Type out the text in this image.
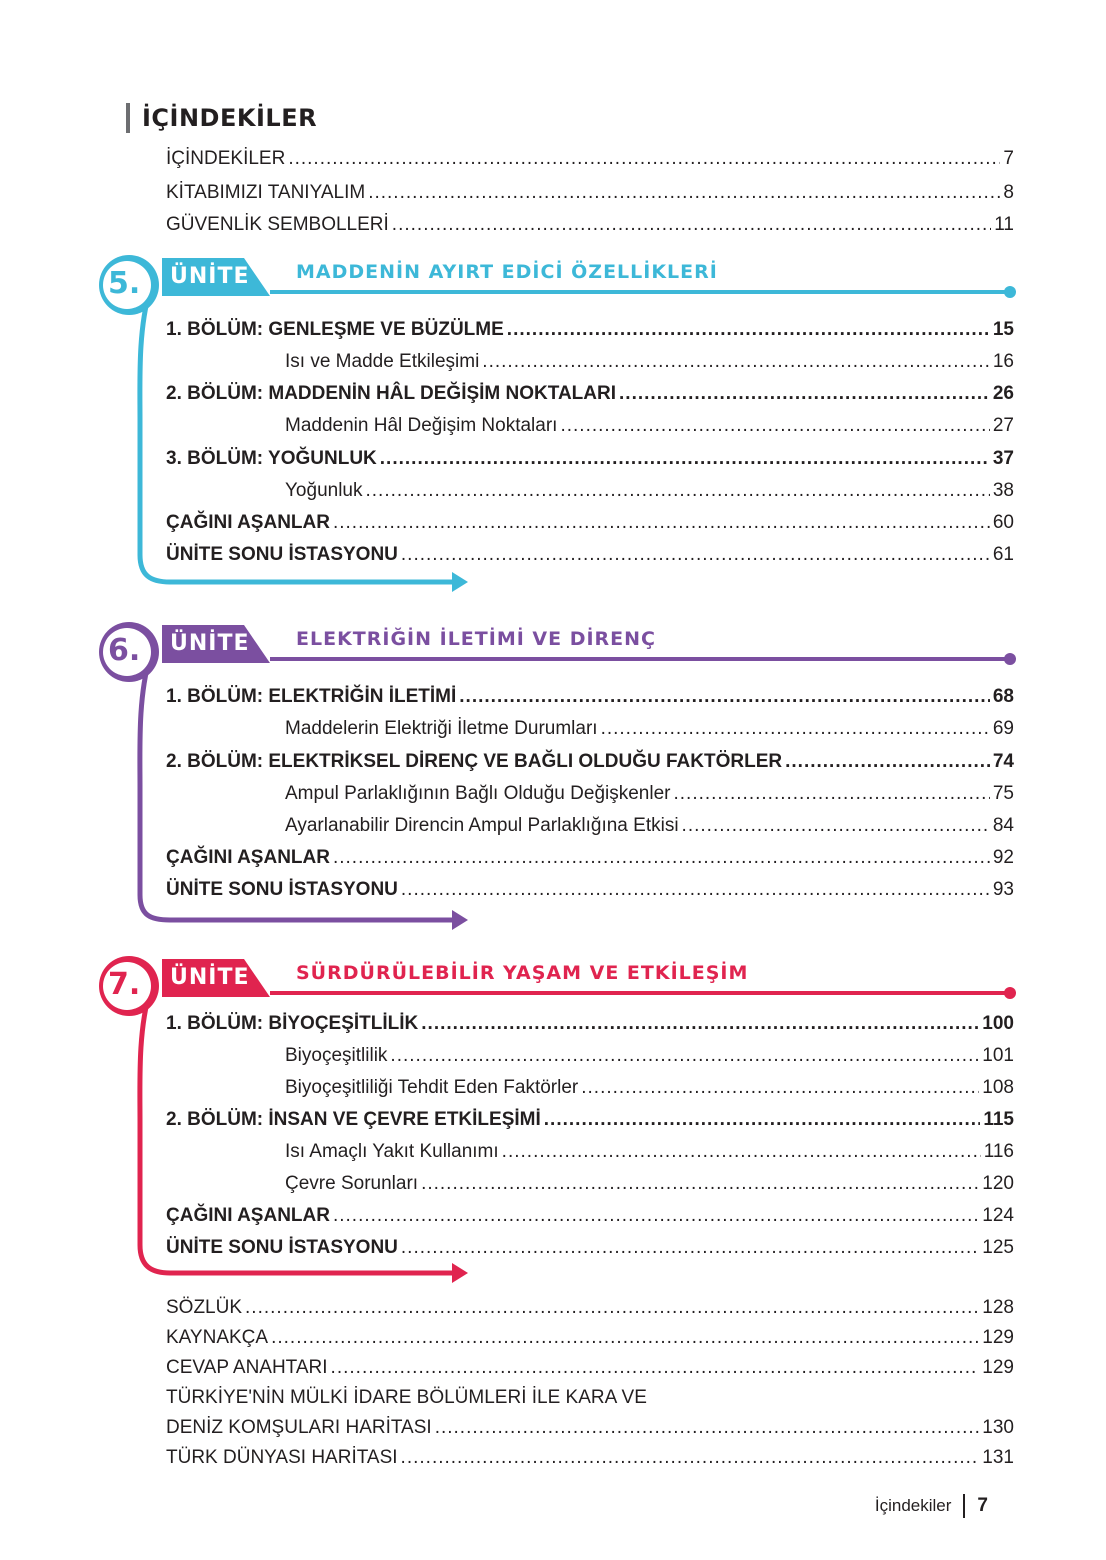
İÇİNDEKİLER
İÇİNDEKİLER .....	7
KİTABIMIZI TANIYALIM .....	8
GÜVENLİK SEMBOLLERİ .....	11
5. ÜNİTE MADDENİN AYIRT EDİCİ ÖZELLİKLERİ
1. BÖLÜM: GENLEŞME VE BÜZÜLME .....	15
Isı ve Madde Etkileşimi .....	16
2. BÖLÜM: MADDENİN HÂL DEĞİŞİM NOKTALARI .....	26
Maddenin Hâl Değişim Noktaları .....	27
3. BÖLÜM: YOĞUNLUK .....	37
Yoğunluk .....	38
ÇAĞINI AŞANLAR .....	60
ÜNİTE SONU İSTASYONU .....	61
6. ÜNİTE ELEKTRİĞİN İLETİMİ VE DİRENÇ
1. BÖLÜM: ELEKTRİĞİN İLETİMİ .....	68
Maddelerin Elektriği İletme Durumları .....	69
2. BÖLÜM: ELEKTRİKSEL DİRENÇ VE BAĞLI OLDUĞU FAKTÖRLER .....	74
Ampul Parlaklığının Bağlı Olduğu Değişkenler .....	75
Ayarlanabilir Direncin Ampul Parlaklığına Etkisi .....	84
ÇAĞINI AŞANLAR .....	92
ÜNİTE SONU İSTASYONU .....	93
7. ÜNİTE SÜRDÜRÜLEBİLİR YAŞAM VE ETKİLEŞİM
1. BÖLÜM: BİYOÇEŞİTLİLİK .....	100
Biyoçeşitlilik .....	101
Biyoçeşitliliği Tehdit Eden Faktörler .....	108
2. BÖLÜM: İNSAN VE ÇEVRE ETKİLEŞİMİ .....	115
Isı Amaçlı Yakıt Kullanımı .....	116
Çevre Sorunları .....	120
ÇAĞINI AŞANLAR .....	124
ÜNİTE SONU İSTASYONU .....	125
SÖZLÜK .....	128
KAYNAKÇA .....	129
CEVAP ANAHTARI .....	129
TÜRKİYE'NİN MÜLKİ İDARE BÖLÜMLERİ İLE KARA VE
DENİZ KOMŞULARI HARİTASI .....	130
TÜRK DÜNYASI HARİTASI .....	131
İçindekiler 7
